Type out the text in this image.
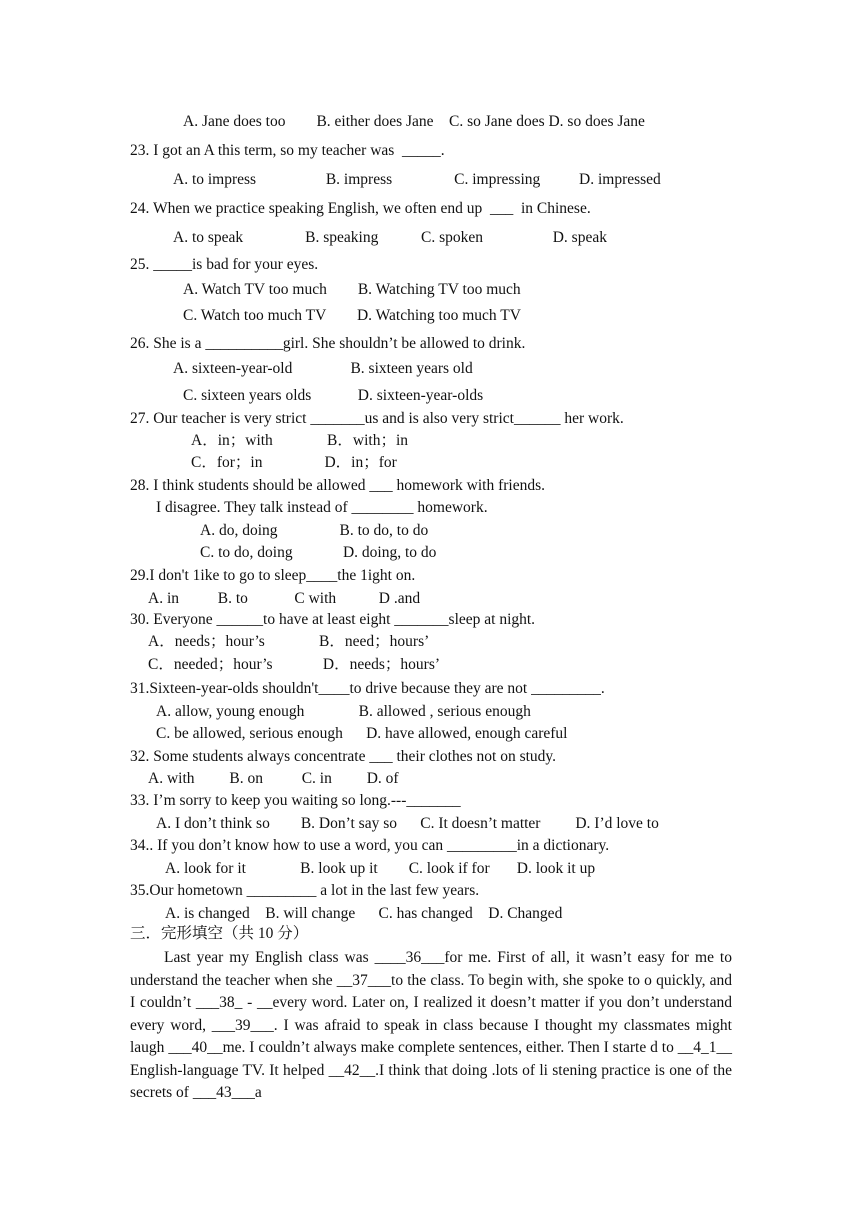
A. Jane does too        B. either does Jane    C. so Jane does D. so does Jane
23. I got an A this term, so my teacher was  _____.
A. to impress                  B. impress                C. impressing          D. impressed
24. When we practice speaking English, we often end up  ___  in Chinese.
A. to speak                B. speaking           C. spoken                  D. speak
25. _____is bad for your eyes.
A. Watch TV too much        B. Watching TV too much
C. Watch too much TV        D. Watching too much TV
26. She is a __________girl. She shouldn’t be allowed to drink.
A. sixteen-year-old               B. sixteen years old
C. sixteen years olds            D. sixteen-year-olds
27. Our teacher is very strict _______us and is also very strict______ her work.
A．in；with              B．with；in
C．for；in                D．in；for
28. I think students should be allowed ___ homework with friends.
I disagree. They talk instead of ________ homework.
A. do, doing                B. to do, to do
C. to do, doing             D. doing, to do
29.I don't 1ike to go to sleep____the 1ight on.
A. in          B. to            C with           D .and
30. Everyone ______to have at least eight _______sleep at night.
A．needs；hour’s              B．need；hours’
C．needed；hour’s             D．needs；hours’
31.Sixteen-year-olds shouldn't____to drive because they are not _________.
A. allow, young enough              B. allowed , serious enough
C. be allowed, serious enough      D. have allowed, enough careful
32. Some students always concentrate ___ their clothes not on study.
A. with         B. on          C. in         D. of
33. I’m sorry to keep you waiting so long.---_______
A. I don’t think so        B. Don’t say so      C. It doesn’t matter         D. I’d love to
34.. If you don’t know how to use a word, you can _________in a dictionary.
A. look for it              B. look up it        C. look if for       D. look it up
35.Our hometown _________ a lot in the last few years.
A. is changed    B. will change      C. has changed    D. Changed
三．完形填空（共 10 分）
Last year my English class was ____36___for me. First of all, it wasn’t easy for me to understand the teacher when she __37___to the class. To begin with, she spoke to o quickly, and I couldn’t ___38_ - __every word. Later on, I realized it doesn’t matter if you don’t understand every word, ___39___. I was afraid to speak in class because I thought my classmates might laugh ___40__me. I couldn’t always make complete sentences, either. Then I starte d to __4_1__ English-language TV. It helped __42__.I think that doing .lots of li stening practice is one of the secrets of ___43___a
